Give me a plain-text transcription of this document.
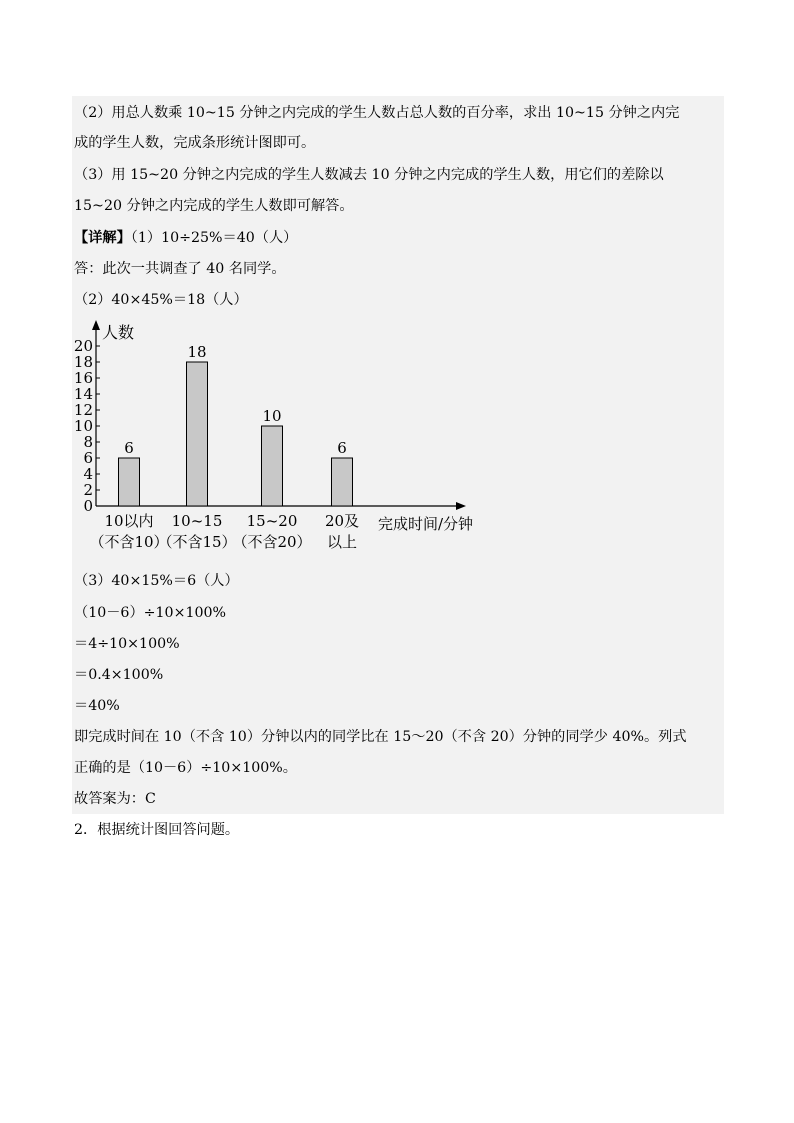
（2）用总人数乘 10~15 分钟之内完成的学生人数占总人数的百分率，求出 10~15 分钟之内完
成的学生人数，完成条形统计图即可。
（3）用 15~20 分钟之内完成的学生人数减去 10 分钟之内完成的学生人数，用它们的差除以
15~20 分钟之内完成的学生人数即可解答。
【详解】（1）10÷25%＝40（人）
答：此次一共调查了 40 名同学。
（2）40×45%＝18（人）
0
2
4
6
8
10
12
14
16
18
20
人数
6
10以内
（不含10）
18
10~15
（不含15）
10
15~20
（不含20）
6
20及
以上
完成时间/分钟
（3）40×15%＝6（人）
（10－6）÷10×100%
＝4÷10×100%
＝0.4×100%
＝40%
即完成时间在 10（不含 10）分钟以内的同学比在 15～20（不含 20）分钟的同学少 40%。列式
正确的是（10－6）÷10×100%。
故答案为：C
2．根据统计图回答问题。
